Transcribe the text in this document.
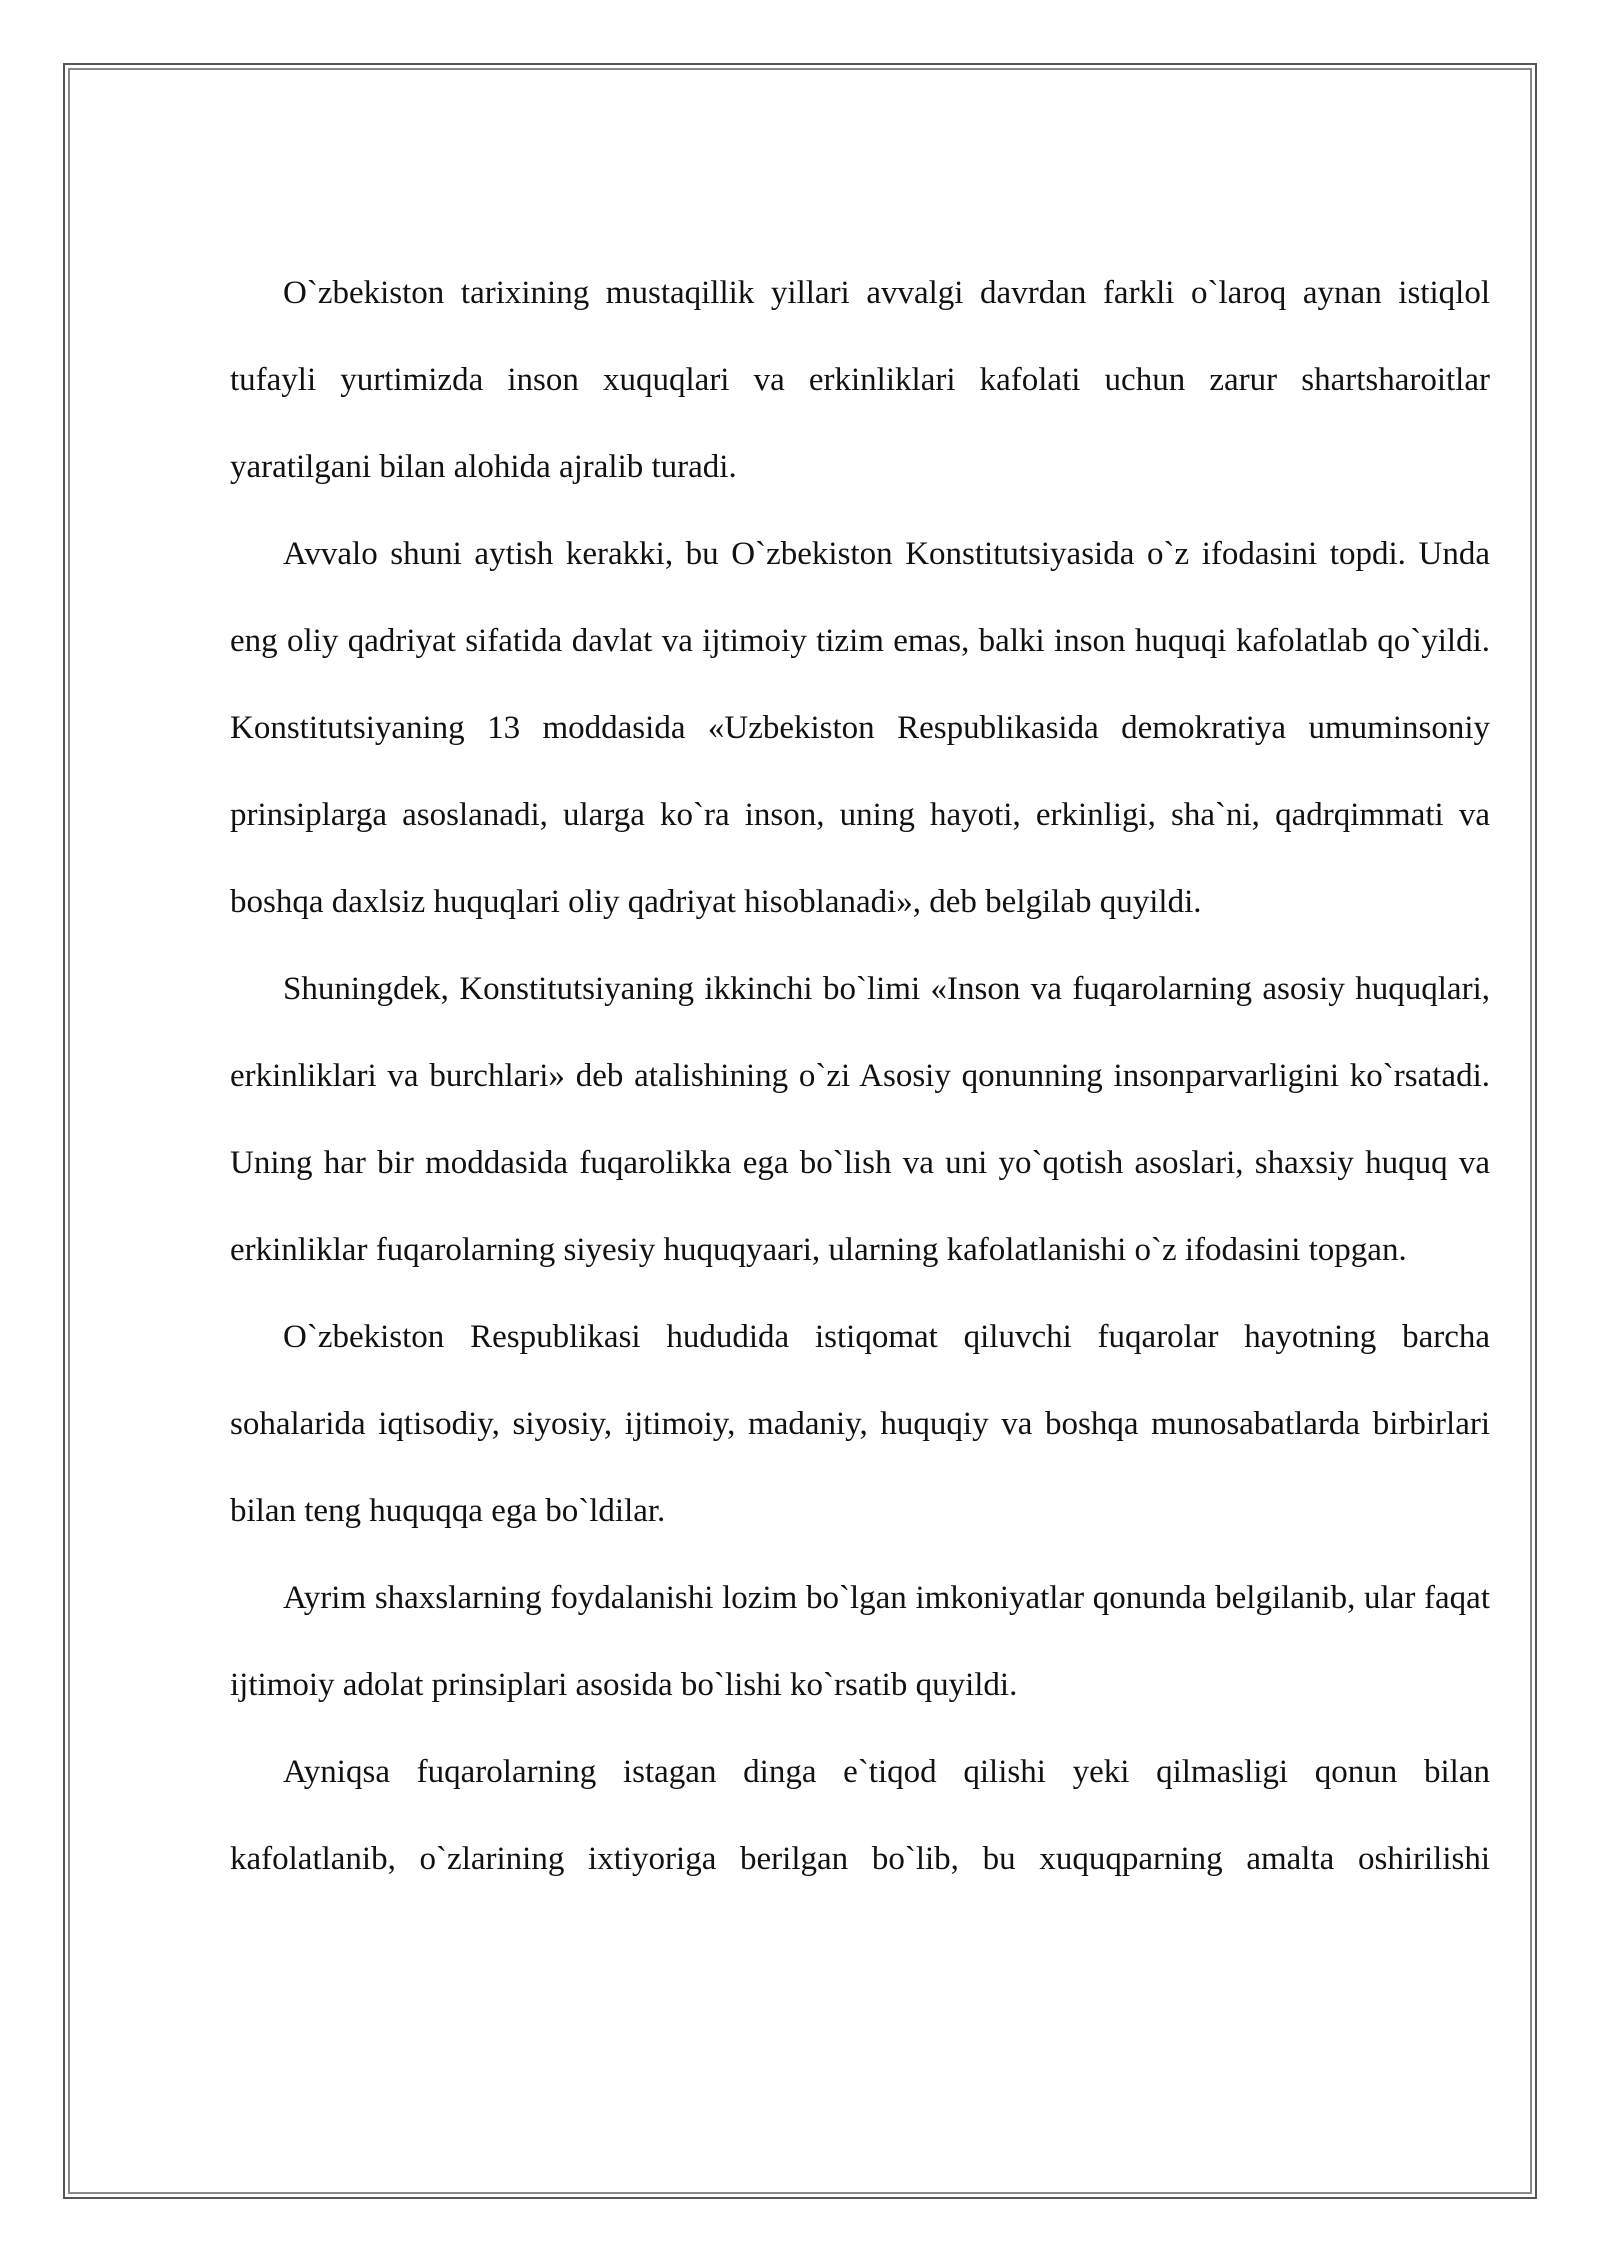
O`zbekiston tarixining mustaqillik yillari avvalgi davrdan farkli o`laroq aynan istiqlol tufayli yurtimizda inson xuquqlari va erkinliklari kafolati uchun zarur shartsharoitlar yaratilgani bilan alohida ajralib turadi.

Avvalo shuni aytish kerakki, bu O`zbekiston Konstitutsiyasida o`z ifodasini topdi. Unda eng oliy qadriyat sifatida davlat va ijtimoiy tizim emas, balki inson huquqi kafolatlab qo`yildi. Konstitutsiyaning 13 moddasida «Uzbekiston Respublikasida demokratiya umuminsoniy prinsiplarga asoslanadi, ularga ko`ra inson, uning hayoti, erkinligi, sha`ni, qadrqimmati va boshqa daxlsiz huquqlari oliy qadriyat hisoblanadi», deb belgilab quyildi.

Shuningdek, Konstitutsiyaning ikkinchi bo`limi «Inson va fuqarolarning asosiy huquqlari, erkinliklari va burchlari» deb atalishining o`zi Asosiy qonunning insonparvarligini ko`rsatadi. Uning har bir moddasida fuqarolikka ega bo`lish va uni yo`qotish asoslari, shaxsiy huquq va erkinliklar fuqarolarning siyesiy huquqyaari, ularning kafolatlanishi o`z ifodasini topgan.

O`zbekiston Respublikasi hududida istiqomat qiluvchi fuqarolar hayotning barcha sohalarida iqtisodiy, siyosiy, ijtimoiy, madaniy, huquqiy va boshqa munosabatlarda birbirlari bilan teng huquqqa ega bo`ldilar.

Ayrim shaxslarning foydalanishi lozim bo`lgan imkoniyatlar qonunda belgilanib, ular faqat ijtimoiy adolat prinsiplari asosida bo`lishi ko`rsatib quyildi.

Ayniqsa fuqarolarning istagan dinga e`tiqod qilishi yeki qilmasligi qonun bilan kafolatlanib, o`zlarining ixtiyoriga berilgan bo`lib, bu xuquqparning amalta oshirilishi
